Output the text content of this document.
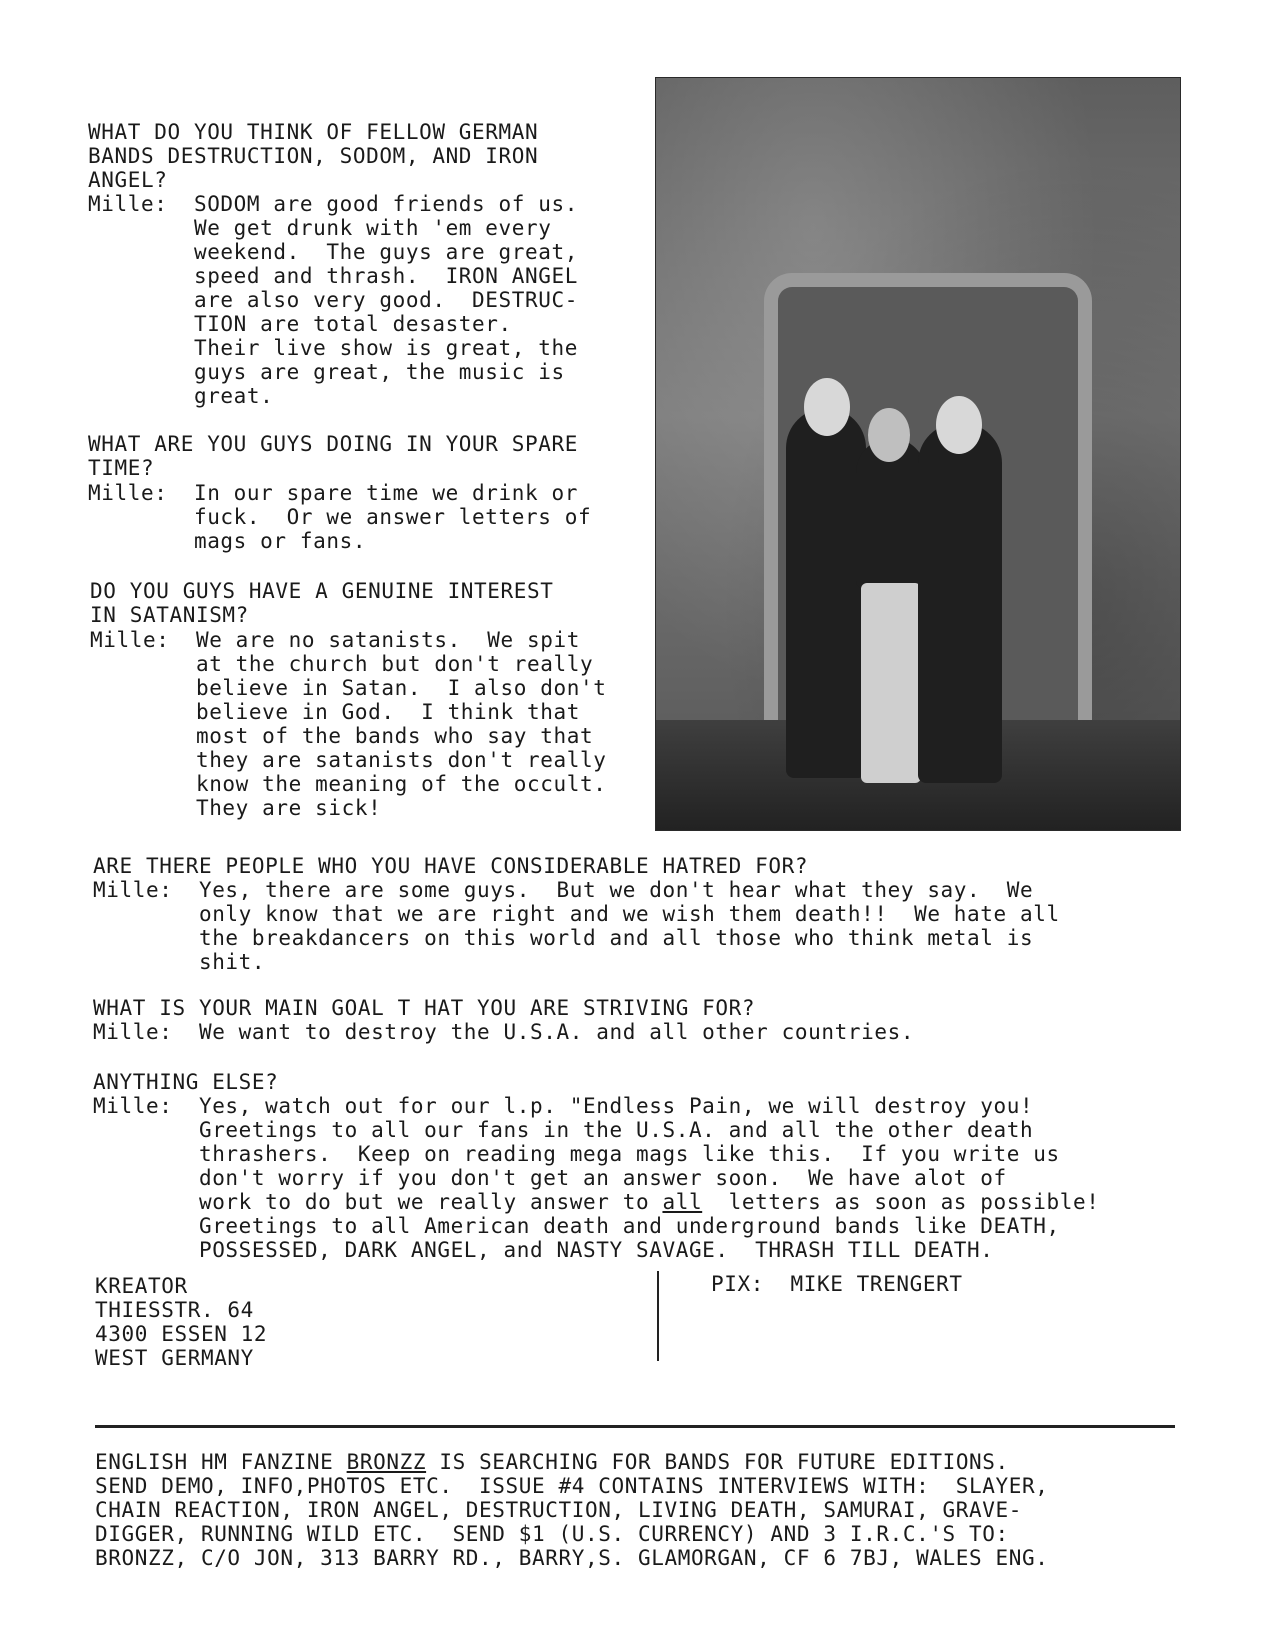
WHAT DO YOU THINK OF FELLOW GERMAN
BANDS DESTRUCTION, SODOM, AND IRON
ANGEL?
Mille:  SODOM are good friends of us.
We get drunk with 'em every
weekend.  The guys are great,
speed and thrash.  IRON ANGEL
are also very good.  DESTRUC-
TION are total desaster.
Their live show is great, the
guys are great, the music is
great.
WHAT ARE YOU GUYS DOING IN YOUR SPARE
TIME?
Mille:  In our spare time we drink or
fuck.  Or we answer letters of
mags or fans.
DO YOU GUYS HAVE A GENUINE INTEREST
IN SATANISM?
Mille:  We are no satanists.  We spit
at the church but don't really
believe in Satan.  I also don't
believe in God.  I think that
most of the bands who say that
they are satanists don't really
know the meaning of the occult.
They are sick!
ARE THERE PEOPLE WHO YOU HAVE CONSIDERABLE HATRED FOR?
Mille:  Yes, there are some guys.  But we don't hear what they say.  We
only know that we are right and we wish them death!!  We hate all
the breakdancers on this world and all those who think metal is
shit.
WHAT IS YOUR MAIN GOAL T HAT YOU ARE STRIVING FOR?
Mille:  We want to destroy the U.S.A. and all other countries.
ANYTHING ELSE?
Mille:  Yes, watch out for our l.p. "Endless Pain, we will destroy you!
Greetings to all our fans in the U.S.A. and all the other death
thrashers.  Keep on reading mega mags like this.  If you write us
don't worry if you don't get an answer soon.  We have alot of
work to do but we really answer to all  letters as soon as possible!
Greetings to all American death and underground bands like DEATH,
POSSESSED, DARK ANGEL, and NASTY SAVAGE.  THRASH TILL DEATH.
KREATOR
THIESSTR. 64
4300 ESSEN 12
WEST GERMANY
PIX:  MIKE TRENGERT
ENGLISH HM FANZINE BRONZZ IS SEARCHING FOR BANDS FOR FUTURE EDITIONS.
SEND DEMO, INFO,PHOTOS ETC.  ISSUE #4 CONTAINS INTERVIEWS WITH:  SLAYER,
CHAIN REACTION, IRON ANGEL, DESTRUCTION, LIVING DEATH, SAMURAI, GRAVE-
DIGGER, RUNNING WILD ETC.  SEND $1 (U.S. CURRENCY) AND 3 I.R.C.'S TO:
BRONZZ, C/O JON, 313 BARRY RD., BARRY,S. GLAMORGAN, CF 6 7BJ, WALES ENG.
